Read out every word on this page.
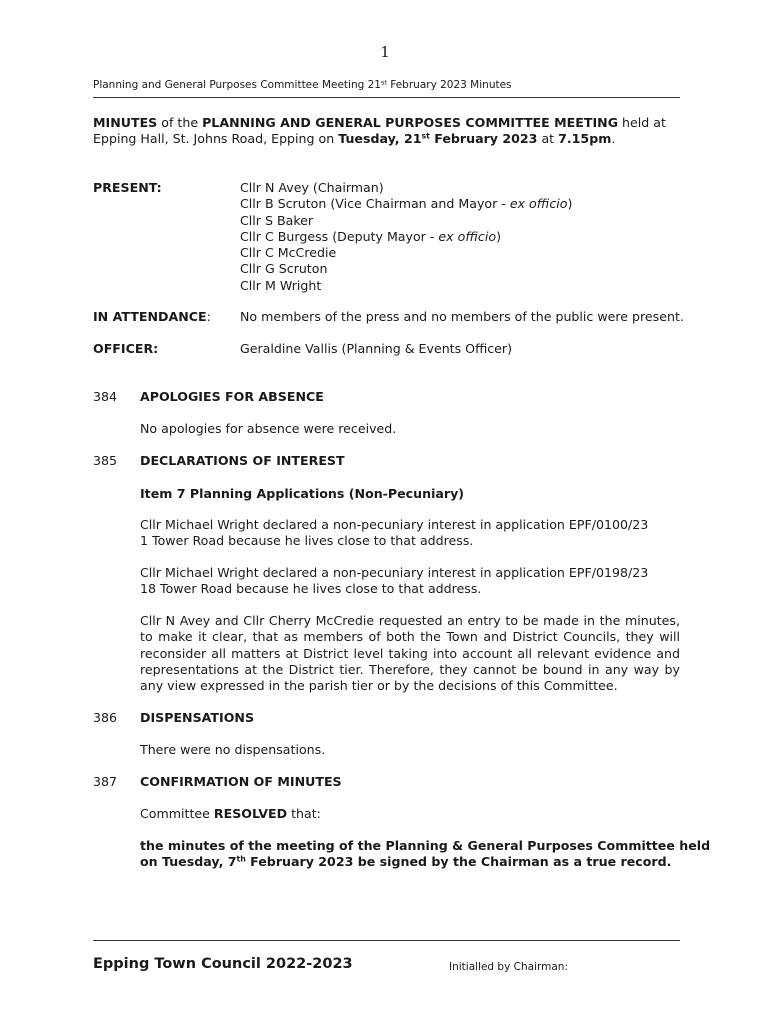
1
Planning and General Purposes Committee Meeting 21st February 2023 Minutes
MINUTES of the PLANNING AND GENERAL PURPOSES COMMITTEE MEETING held at
Epping Hall, St. Johns Road, Epping on Tuesday, 21st February 2023 at 7.15pm.
PRESENT:	Cllr N Avey (Chairman)
Cllr B Scruton (Vice Chairman and Mayor - ex officio)
Cllr S Baker
Cllr C Burgess (Deputy Mayor - ex officio)
Cllr C McCredie
Cllr G Scruton
Cllr M Wright
IN ATTENDANCE: No members of the press and no members of the public were present.
OFFICER:	Geraldine Vallis (Planning & Events Officer)
384 APOLOGIES FOR ABSENCE
No apologies for absence were received.
385 DECLARATIONS OF INTEREST
Item 7 Planning Applications (Non-Pecuniary)
Cllr Michael Wright declared a non-pecuniary interest in application EPF/0100/23
1 Tower Road because he lives close to that address.
Cllr Michael Wright declared a non-pecuniary interest in application EPF/0198/23
18 Tower Road because he lives close to that address.
Cllr N Avey and Cllr Cherry McCredie requested an entry to be made in the minutes, to make it clear, that as members of both the Town and District Councils, they will reconsider all matters at District level taking into account all relevant evidence and representations at the District tier. Therefore, they cannot be bound in any way by any view expressed in the parish tier or by the decisions of this Committee.
386 DISPENSATIONS
There were no dispensations.
387 CONFIRMATION OF MINUTES
Committee RESOLVED that:
the minutes of the meeting of the Planning & General Purposes Committee held
on Tuesday, 7th February 2023 be signed by the Chairman as a true record.
Epping Town Council 2022-2023	Initialled by Chairman:
